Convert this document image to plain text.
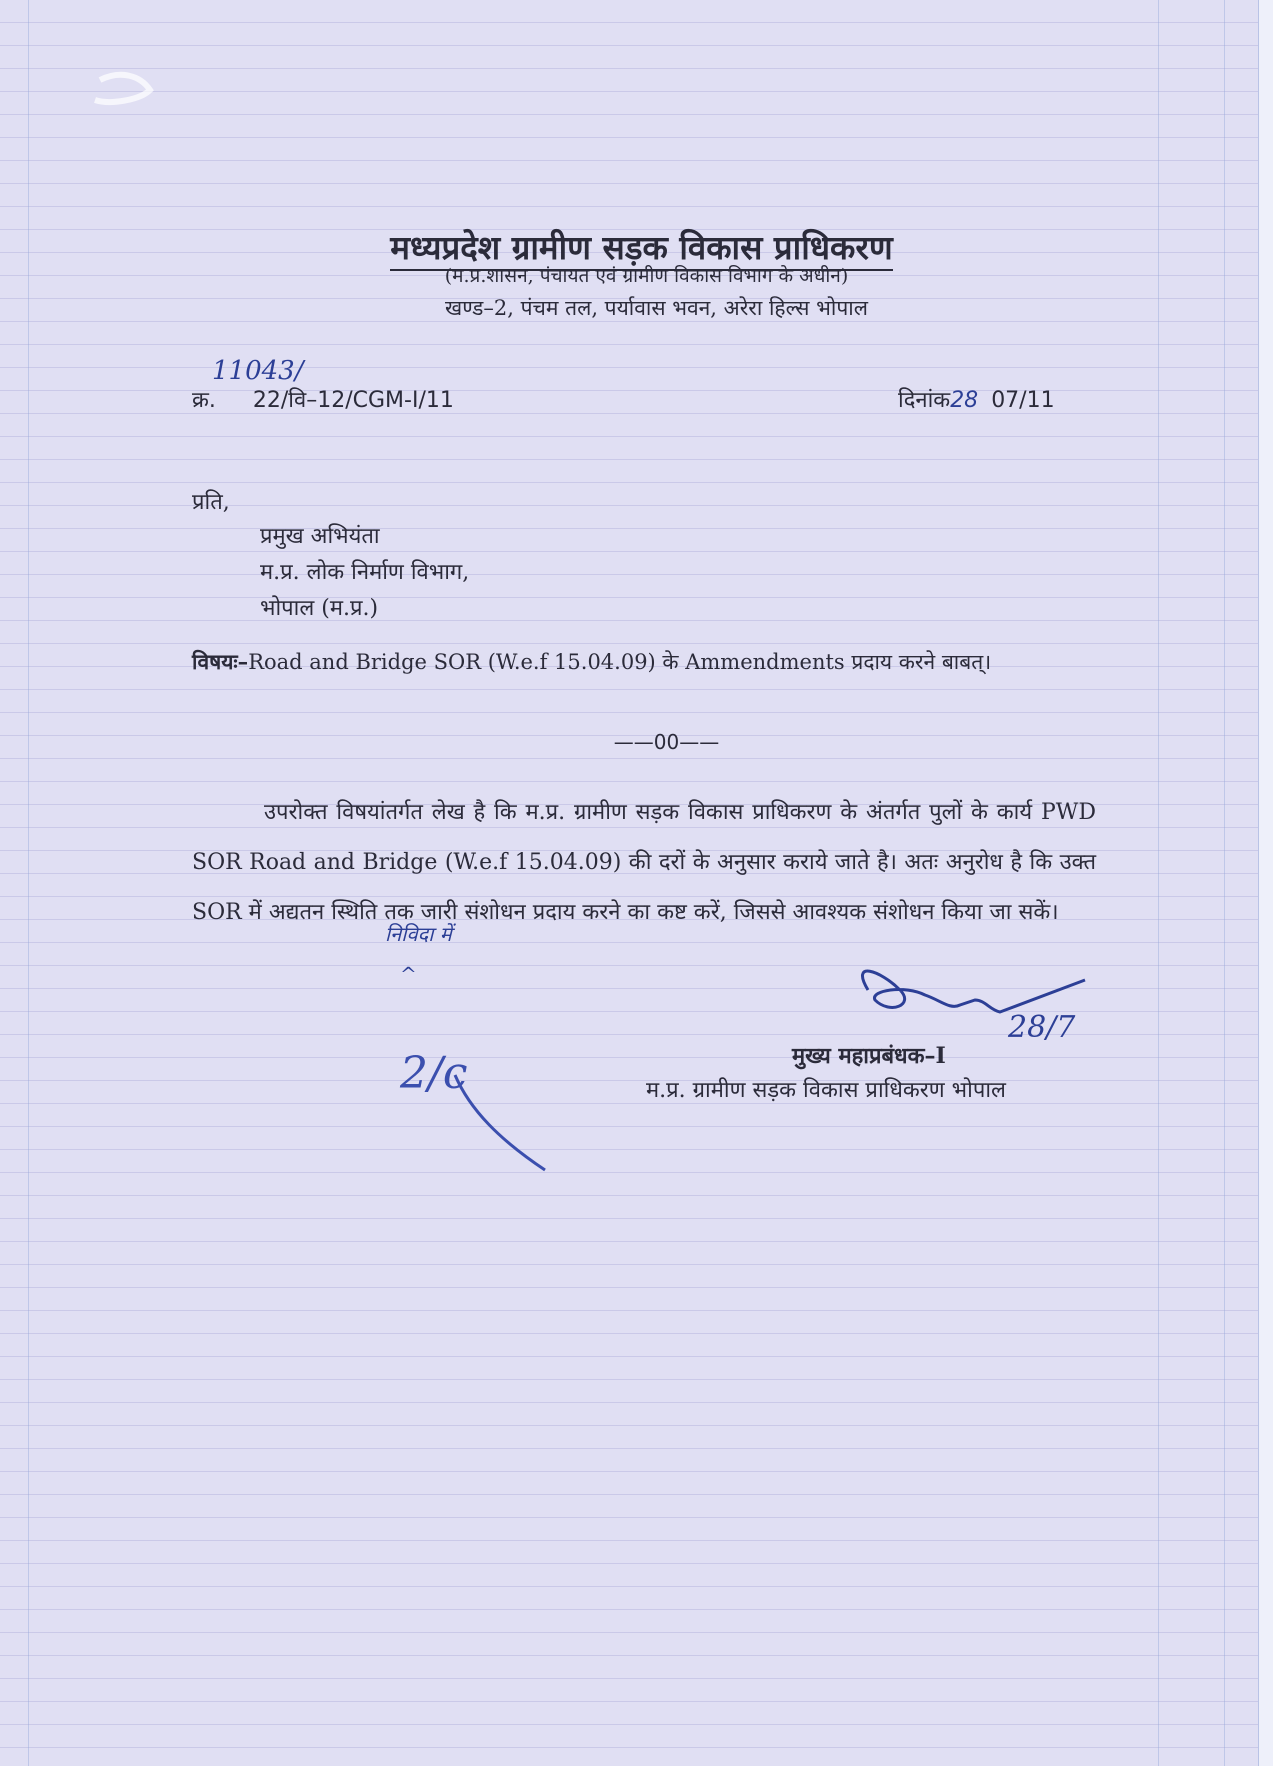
मध्यप्रदेश ग्रामीण सड़क विकास प्राधिकरण
(म.प्र.शासन, पंचायत एवं ग्रामीण विकास विभाग के अधीन)
खण्ड–2, पंचम तल, पर्यावास भवन, अरेरा हिल्स भोपाल
11043/
क्र. 22/वि–12/CGM-I/11	दिनांक28 07/11
प्रति,
प्रमुख अभियंता
म.प्र. लोक निर्माण विभाग,
भोपाल (म.प्र.)
विषयः–Road and Bridge SOR (W.e.f 15.04.09) के Ammendments प्रदाय करने बाबत्।
——00——

उपरोक्त विषयांतर्गत लेख है कि म.प्र. ग्रामीण सड़क विकास प्राधिकरण के अंतर्गत पुलों के कार्य PWD SOR Road and Bridge (W.e.f 15.04.09) की दरों के अनुसार कराये जाते है। अतः अनुरोध है कि उक्त SOR में अद्यतन स्थिति तक जारी संशोधन प्रदाय करने का कष्ट करें, जिससे आवश्यक संशोधन किया जा सकें।

निविदा में
^
मुख्य महाप्रबंधक–I
म.प्र. ग्रामीण सड़क विकास प्राधिकरण भोपाल
28/7
2/c
